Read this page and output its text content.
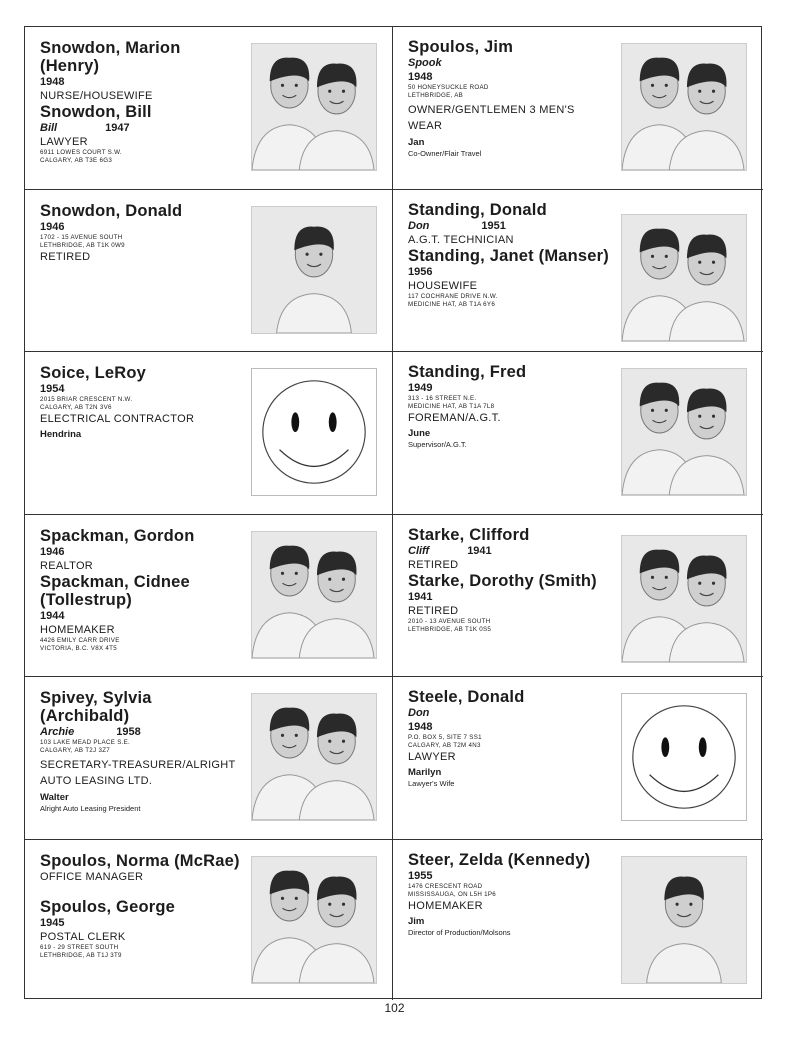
Snowdon, Marion (Henry)
1948
NURSE/HOUSEWIFE
Snowdon, Bill
Bill	1947
LAWYER
6911 LOWES COURT S.W.
CALGARY, AB T3E 6G3
Spoulos, Jim
Spook
1948
50 HONEYSUCKLE ROAD
LETHBRIDGE, AB
OWNER/GENTLEMEN 3 MEN'S WEAR
Jan
Co-Owner/Flair Travel
Snowdon, Donald
1946
1702 - 15 AVENUE SOUTH
LETHBRIDGE, AB T1K 0W9
RETIRED
Standing, Donald
Don	1951
A.G.T. TECHNICIAN
Standing, Janet (Manser)
1956
HOUSEWIFE
117 COCHRANE DRIVE N.W.
MEDICINE HAT, AB T1A 6Y6
Soice, LeRoy
1954
2015 BRIAR CRESCENT N.W.
CALGARY, AB T2N 3V6
ELECTRICAL CONTRACTOR
Hendrina
Standing, Fred
1949
313 - 16 STREET N.E.
MEDICINE HAT, AB T1A 7L8
FOREMAN/A.G.T.
June
Supervisor/A.G.T.
Spackman, Gordon
1946
REALTOR
Spackman, Cidnee (Tollestrup)
1944
HOMEMAKER
4426 EMILY CARR DRIVE
VICTORIA, B.C. V8X 4T5
Starke, Clifford
Cliff	1941
RETIRED
Starke, Dorothy (Smith)
1941
RETIRED
2010 - 13 AVENUE SOUTH
LETHBRIDGE, AB T1K 0S5
Spivey, Sylvia (Archibald)
Archie	1958
103 LAKE MEAD PLACE S.E.
CALGARY, AB T2J 3Z7
SECRETARY-TREASURER/ALRIGHT AUTO LEASING LTD.
Walter
Alright Auto Leasing President
Steele, Donald
Don
1948
P.O. BOX 5, SITE 7 SS1
CALGARY, AB T2M 4N3
LAWYER
Marilyn
Lawyer's Wife
Spoulos, Norma (McRae)
OFFICE MANAGER
Spoulos, George
1945
POSTAL CLERK
619 - 29 STREET SOUTH
LETHBRIDGE, AB T1J 3T9
Steer, Zelda (Kennedy)
1955
1476 CRESCENT ROAD
MISSISSAUGA, ON L5H 1P6
HOMEMAKER
Jim
Director of Production/Molsons
102
